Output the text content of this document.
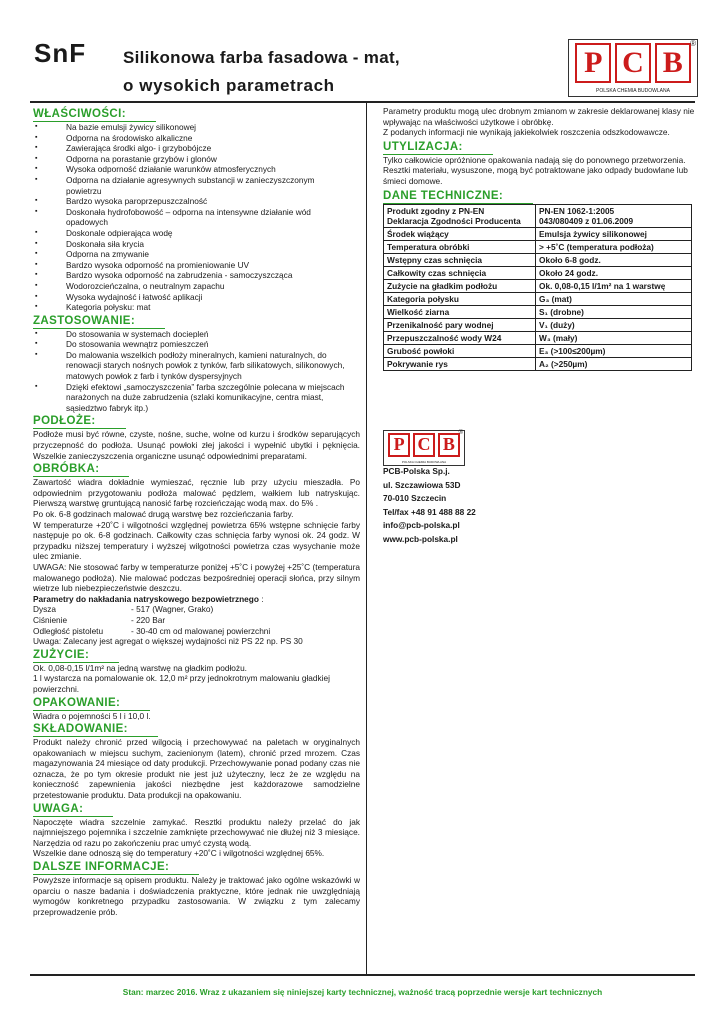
SnF Silikonowa farba fasadowa - mat,
o wysokich parametrach
P C B
®
POLSKA CHEMIA BUDOWLANA
WŁAŚCIWOŚCI:
▪ Na bazie emulsji żywicy silikonowej
▪ Odporna na środowisko alkaliczne
▪ Zawierająca środki algo- i grzybobójcze
▪ Odporna na porastanie grzybów i glonów
▪ Wysoka odporność działanie warunków atmosferycznych
▪ Odporna na działanie agresywnych substancji w zanieczyszczonym powietrzu
▪ Bardzo wysoka paroprzepuszczalność
▪ Doskonała hydrofobowość – odporna na intensywne działanie wód opadowych
▪ Doskonale odpierająca wodę
▪ Doskonała siła krycia
▪ Odporna na zmywanie
▪ Bardzo wysoka odporność na promieniowanie UV
▪ Bardzo wysoka odporność na zabrudzenia - samoczyszcząca
▪ Wodorozcieńczalna, o neutralnym zapachu
▪ Wysoka wydajność i łatwość aplikacji
▪ Kategoria połysku: mat
ZASTOSOWANIE:
▪ Do stosowania w systemach dociepleń
▪ Do stosowania wewnątrz pomieszczeń
▪ Do malowania wszelkich podłoży mineralnych, kamieni naturalnych, do renowacji starych nośnych powłok z tynków, farb silikatowych, silikonowych, matowych powłok z farb i tynków dyspersyjnych
▪ Dzięki efektowi „samoczyszczenia” farba szczególnie polecana w miejscach narażonych na duże zabrudzenia (szlaki komunikacyjne, centra miast, sąsiedztwo fabryk itp.)
PODŁOŻE:

Podłoże musi być równe, czyste, nośne, suche, wolne od kurzu i środków separujących przyczepność do podłoża. Usunąć powłoki złej jakości i wypełnić ubytki i pęknięcia. Wszelkie zanieczyszczenia organiczne usunąć odpowiednimi preparatami.

OBRÓBKA:

Zawartość wiadra dokładnie wymieszać, ręcznie lub przy użyciu mieszadła. Po odpowiednim przygotowaniu podłoża malować pędzlem, wałkiem lub natryskując. Pierwszą warstwę gruntującą nanosić farbę rozcieńczając wodą max. do 5% .

Po ok. 6-8 godzinach malować drugą warstwę bez rozcieńczania farby.

W temperaturze +20˚C i wilgotności względnej powietrza 65% wstępne schnięcie farby następuje po ok. 6-8 godzinach. Całkowity czas schnięcia farby wynosi ok. 24 godz. W przypadku niższej temperatury i wyższej wilgotności powietrza czas wysychanie może ulec zmianie.

UWAGA: Nie stosować farby w temperaturze poniżej +5˚C i powyżej +25˚C (temperatura malowanego podłoża). Nie malować podczas bezpośredniej operacji słońca, przy silnym wietrze lub niebezpieczeństwie deszczu.

Parametry do nakładania natryskowego bezpowietrznego :

Dysza	- 517 (Wagner, Grako)
Ciśnienie	- 220 Bar
Odległość pistoletu	- 30-40 cm od malowanej powierzchni

Uwaga: Zalecany jest agregat o większej wydajności niż PS 22 np. PS 30

ZUŻYCIE:

Ok. 0,08-0,15 l/1m² na jedną warstwę na gładkim podłożu.

1 l wystarcza na pomalowanie ok. 12,0 m² przy jednokrotnym malowaniu gładkiej powierzchni.

OPAKOWANIE:

Wiadra o pojemności 5 l i 10,0 l.

SKŁADOWANIE:

Produkt należy chronić przed wilgocią i przechowywać na paletach w oryginalnych opakowaniach w miejscu suchym, zacienionym (latem), chronić przed mrozem. Czas magazynowania 24 miesiące od daty produkcji. Przechowywanie ponad podany czas nie oznacza, że po tym okresie produkt nie jest już użyteczny, lecz że ze względu na konieczność zapewnienia jakości niezbędne jest każdorazowe samodzielne przetestowanie produktu. Data produkcji na opakowaniu.

UWAGA:

Napoczęte wiadra szczelnie zamykać. Resztki produktu należy przelać do jak najmniejszego pojemnika i szczelnie zamknięte przechowywać nie dłużej niż 3 miesiące. Narzędzia od razu po zakończeniu prac umyć czystą wodą.

Wszelkie dane odnoszą się do temperatury +20˚C i wilgotności względnej 65%.

DALSZE INFORMACJE:

Powyższe informacje są opisem produktu. Należy je traktować jako ogólne wskazówki w oparciu o nasze badania i doświadczenia praktyczne, które jednak nie uwzględniają wymogów konkretnego przypadku zastosowania. W związku z tym zalecamy przeprowadzenie prób.

Parametry produktu mogą ulec drobnym zmianom w zakresie deklarowanej klasy nie wpływając na właściwości użytkowe i obróbkę.
Z podanych informacji nie wynikają jakiekolwiek roszczenia odszkodowawcze.

UTYLIZACJA:

Tylko całkowicie opróżnione opakowania nadają się do ponownego przetworzenia. Resztki materiału, wysuszone, mogą być potraktowane jako odpady budowlane lub śmieci domowe.

DANE TECHNICZNE:
Produkt zgodny z PN-EN
Deklaracja Zgodności Producenta	PN-EN 1062-1:2005
043/080409 z 01.06.2009
Środek wiążący	Emulsja żywicy silikonowej
Temperatura obróbki	> +5˚C (temperatura podłoża)
Wstępny czas schnięcia	Około 6-8 godz.
Całkowity czas schnięcia	Około 24 godz.
Zużycie na gładkim podłożu	Ok. 0,08-0,15 l/1m² na 1 warstwę
Kategoria połysku	G₃ (mat)
Wielkość ziarna	S₁ (drobne)
Przenikalność pary wodnej	V₁ (duży)
Przepuszczalność wody W24	W₃ (mały)
Grubość powłoki	E₃ (>100≤200µm)
Pokrywanie rys	A₂ (>250µm)
P C B
®
POLSKA CHEMIA BUDOWLANA
PCB-Polska Sp.j.
ul. Szczawiowa 53D
70-010 Szczecin
Tel/fax +48 91 488 88 22
info@pcb-polska.pl
www.pcb-polska.pl
Stan: marzec 2016. Wraz z ukazaniem się niniejszej karty technicznej, ważność tracą poprzednie wersje kart technicznych
